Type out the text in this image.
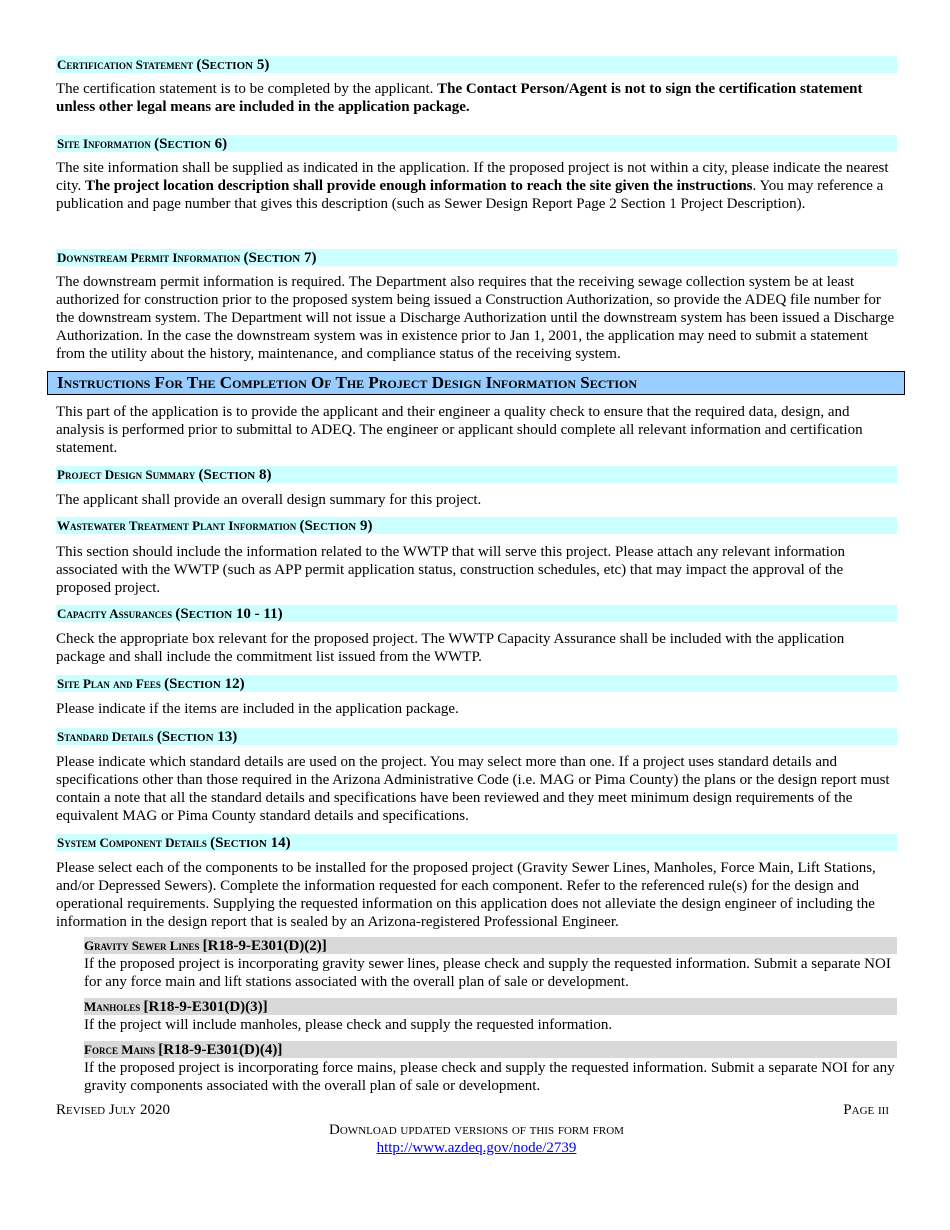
Certification Statement (Section 5)
The certification statement is to be completed by the applicant. The Contact Person/Agent is not to sign the certification statement unless other legal means are included in the application package.
Site Information (Section 6)
The site information shall be supplied as indicated in the application. If the proposed project is not within a city, please indicate the nearest city. The project location description shall provide enough information to reach the site given the instructions. You may reference a publication and page number that gives this description (such as Sewer Design Report Page 2 Section 1 Project Description).
Downstream Permit Information (Section 7)
The downstream permit information is required. The Department also requires that the receiving sewage collection system be at least authorized for construction prior to the proposed system being issued a Construction Authorization, so provide the ADEQ file number for the downstream system. The Department will not issue a Discharge Authorization until the downstream system has been issued a Discharge Authorization. In the case the downstream system was in existence prior to Jan 1, 2001, the application may need to submit a statement from the utility about the history, maintenance, and compliance status of the receiving system.
Instructions For The Completion Of The Project Design Information Section
This part of the application is to provide the applicant and their engineer a quality check to ensure that the required data, design, and analysis is performed prior to submittal to ADEQ. The engineer or applicant should complete all relevant information and certification statement.
Project Design Summary (Section 8)
The applicant shall provide an overall design summary for this project.
Wastewater Treatment Plant Information (Section 9)
This section should include the information related to the WWTP that will serve this project. Please attach any relevant information associated with the WWTP (such as APP permit application status, construction schedules, etc) that may impact the approval of the proposed project.
Capacity Assurances (Section 10 - 11)
Check the appropriate box relevant for the proposed project. The WWTP Capacity Assurance shall be included with the application package and shall include the commitment list issued from the WWTP.
Site Plan and Fees (Section 12)
Please indicate if the items are included in the application package.
Standard Details (Section 13)
Please indicate which standard details are used on the project. You may select more than one. If a project uses standard details and specifications other than those required in the Arizona Administrative Code (i.e. MAG or Pima County) the plans or the design report must contain a note that all the standard details and specifications have been reviewed and they meet minimum design requirements of the equivalent MAG or Pima County standard details and specifications.
System Component Details (Section 14)
Please select each of the components to be installed for the proposed project (Gravity Sewer Lines, Manholes, Force Main, Lift Stations, and/or Depressed Sewers). Complete the information requested for each component. Refer to the referenced rule(s) for the design and operational requirements. Supplying the requested information on this application does not alleviate the design engineer of including the information in the design report that is sealed by an Arizona-registered Professional Engineer.
Gravity Sewer Lines [R18-9-E301(D)(2)]
If the proposed project is incorporating gravity sewer lines, please check and supply the requested information. Submit a separate NOI for any force main and lift stations associated with the overall plan of sale or development.
Manholes [R18-9-E301(D)(3)]
If the project will include manholes, please check and supply the requested information.
Force Mains [R18-9-E301(D)(4)]
If the proposed project is incorporating force mains, please check and supply the requested information. Submit a separate NOI for any gravity components associated with the overall plan of sale or development.
Revised July 2020	Page iii
Download updated versions of this form from
http://www.azdeq.gov/node/2739
